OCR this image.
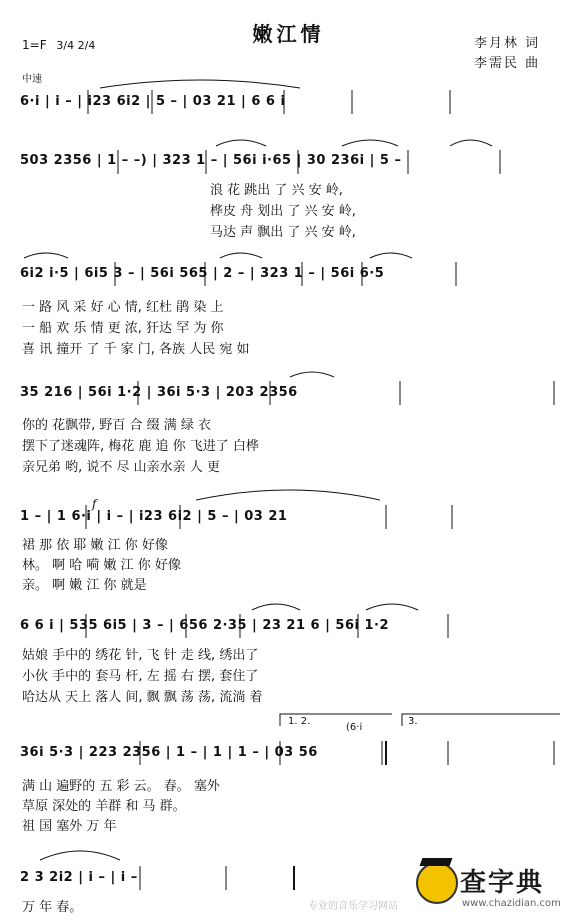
嫩江情
1=F 3/4 2/4	李月林 词
李需民 曲
中速
6·i | i – | i23 6i2 | 5 – | 03 21 | 6 6 i
503 2356 | 1 – –) | 323 1 – | 56i i·65 | 30 236i | 5 –
浪 花 跳出 了 兴 安 岭,
桦皮 舟 划出 了 兴 安 岭,
马达 声 飘出 了 兴 安 岭,
6i2 i·5 | 6i5 3 – | 56i 565 | 2 – | 323 1 – | 56i 6·5
一 路 风 采 好 心 情, 红杜 鹃 染 上
一 船 欢 乐 情 更 浓, 犴达 罕 为 你
喜 讯 撞开 了 千 家 门, 各族 人民 宛 如
35 216 | 56i 1·2 | 36i 5·3 | 203 2356
你的 花飘带, 野百 合 缀 满 绿 衣
摆下了迷魂阵, 梅花 鹿 追 你 飞进了 白桦
亲兄弟 哟, 说不 尽 山亲水亲 人 更
f
1 – | 1 6·i | i – | i23 6i2 | 5 – | 03 21
裙 那 依 耶 嫩 江 你 好像
林。 啊 哈 嗬 嫩 江 你 好像
亲。 啊 嫩 江 你 就是
6 6 i | 535 6i5 | 3 – | 656 2·35 | 23 21 6 | 56i 1·2
姑娘 手中的 绣花 针, 飞 针 走 线, 绣出了
小伙 手中的 套马 杆, 左 摇 右 摆, 套住了
哈达从 天上 落人 间, 飘 飘 荡 荡, 流淌 着
1. 2.
(6·i
3.
36i 5·3 | 223 2356 | 1 – | 1 | 1 – | 03 56
满 山 遍野的 五 彩 云。 春。 塞外
草原 深处的 羊群 和 马 群。
祖 国 塞外 万 年
2 3 2i2 | i – | i –
万 年 春。	专业的音乐学习网站
查字典
www.chazidian.com
